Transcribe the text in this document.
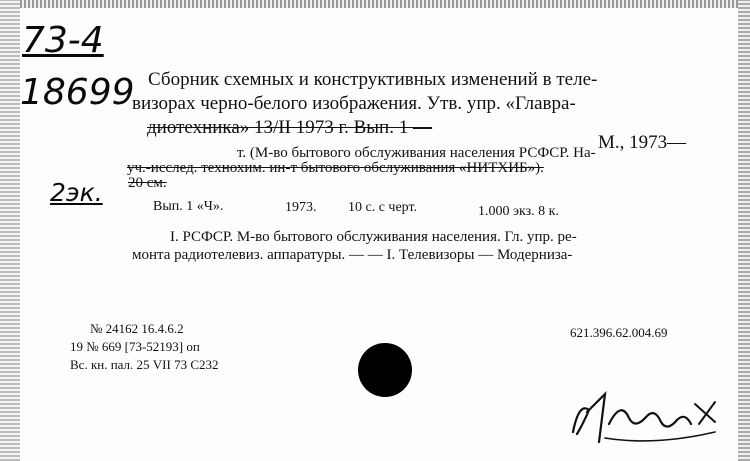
73-4
18699
2эк.
Сборник схемных и конструктивных изменений в теле-
визорах черно-белого изображения. Утв. упр. «Главра-
диотехника» 13/II 1973 г. Вып. 1 —
М., 1973—
т. (М-во бытового обслуживания населения РСФСР. На-
уч.-исслед. технохим. ин-т бытового обслуживания «НИТХИБ»).
20 см.
Вып. 1 «Ч».	1973. 10 с. с черт.	1.000 экз. 8 к.
I. РСФСР. М-во бытового обслуживания населения. Гл. упр. ре-
монта радиотелевиз. аппаратуры. — — I. Телевизоры — Модерниза-
№ 24162 16.4.6.2	621.396.62.004.69
19 № 669 [73-52193] оп
Вс. кн. пал. 25 VII 73 С232
